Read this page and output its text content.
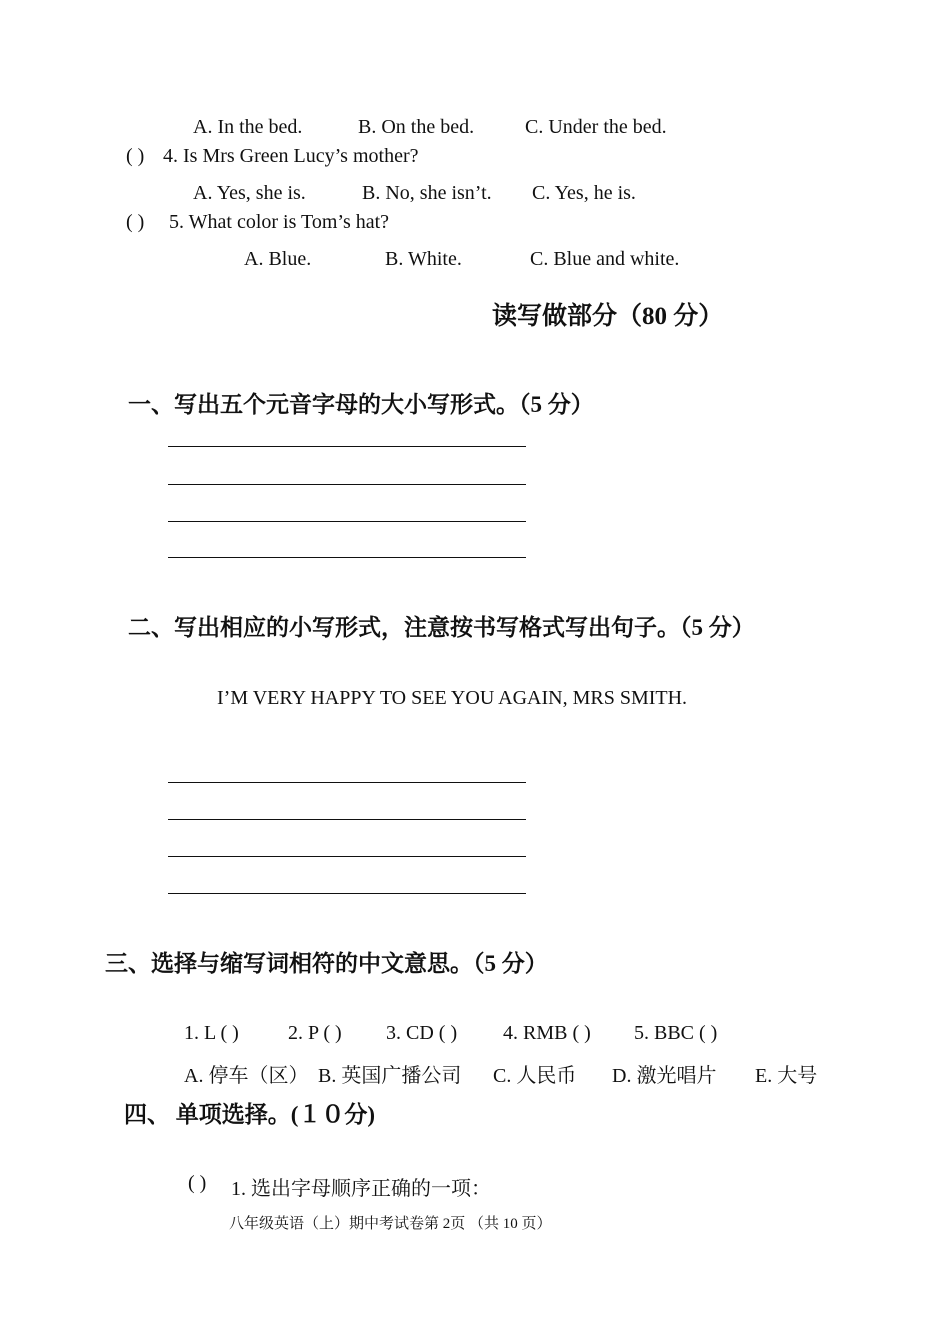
A. In the bed.	B. On the bed.	C. Under the bed.
( ) 4. Is Mrs Green Lucy’s mother?
A. Yes, she is.	B. No, she isn’t. C. Yes, he is.
( ) 5. What color is Tom’s hat?
A. Blue.	B. White.	C. Blue and white.
读写做部分（80 分）
一、写出五个元音字母的大小写形式。（5 分）
二、写出相应的小写形式，注意按书写格式写出句子。（5 分）
I’M VERY HAPPY TO SEE YOU AGAIN, MRS SMITH.
三、选择与缩写词相符的中文意思。（5 分）
1. L ( ) 2. P ( ) 3. CD ( ) 4. RMB ( ) 5. BBC ( )
A. 停车（区） B. 英国广播公司 C. 人民币 D. 激光唱片 E. 大号
四、 单项选择。(１０分)
( ) 1. 选出字母顺序正确的一项：
八年级英语（上）期中考试卷第 2页 （共 10 页）
